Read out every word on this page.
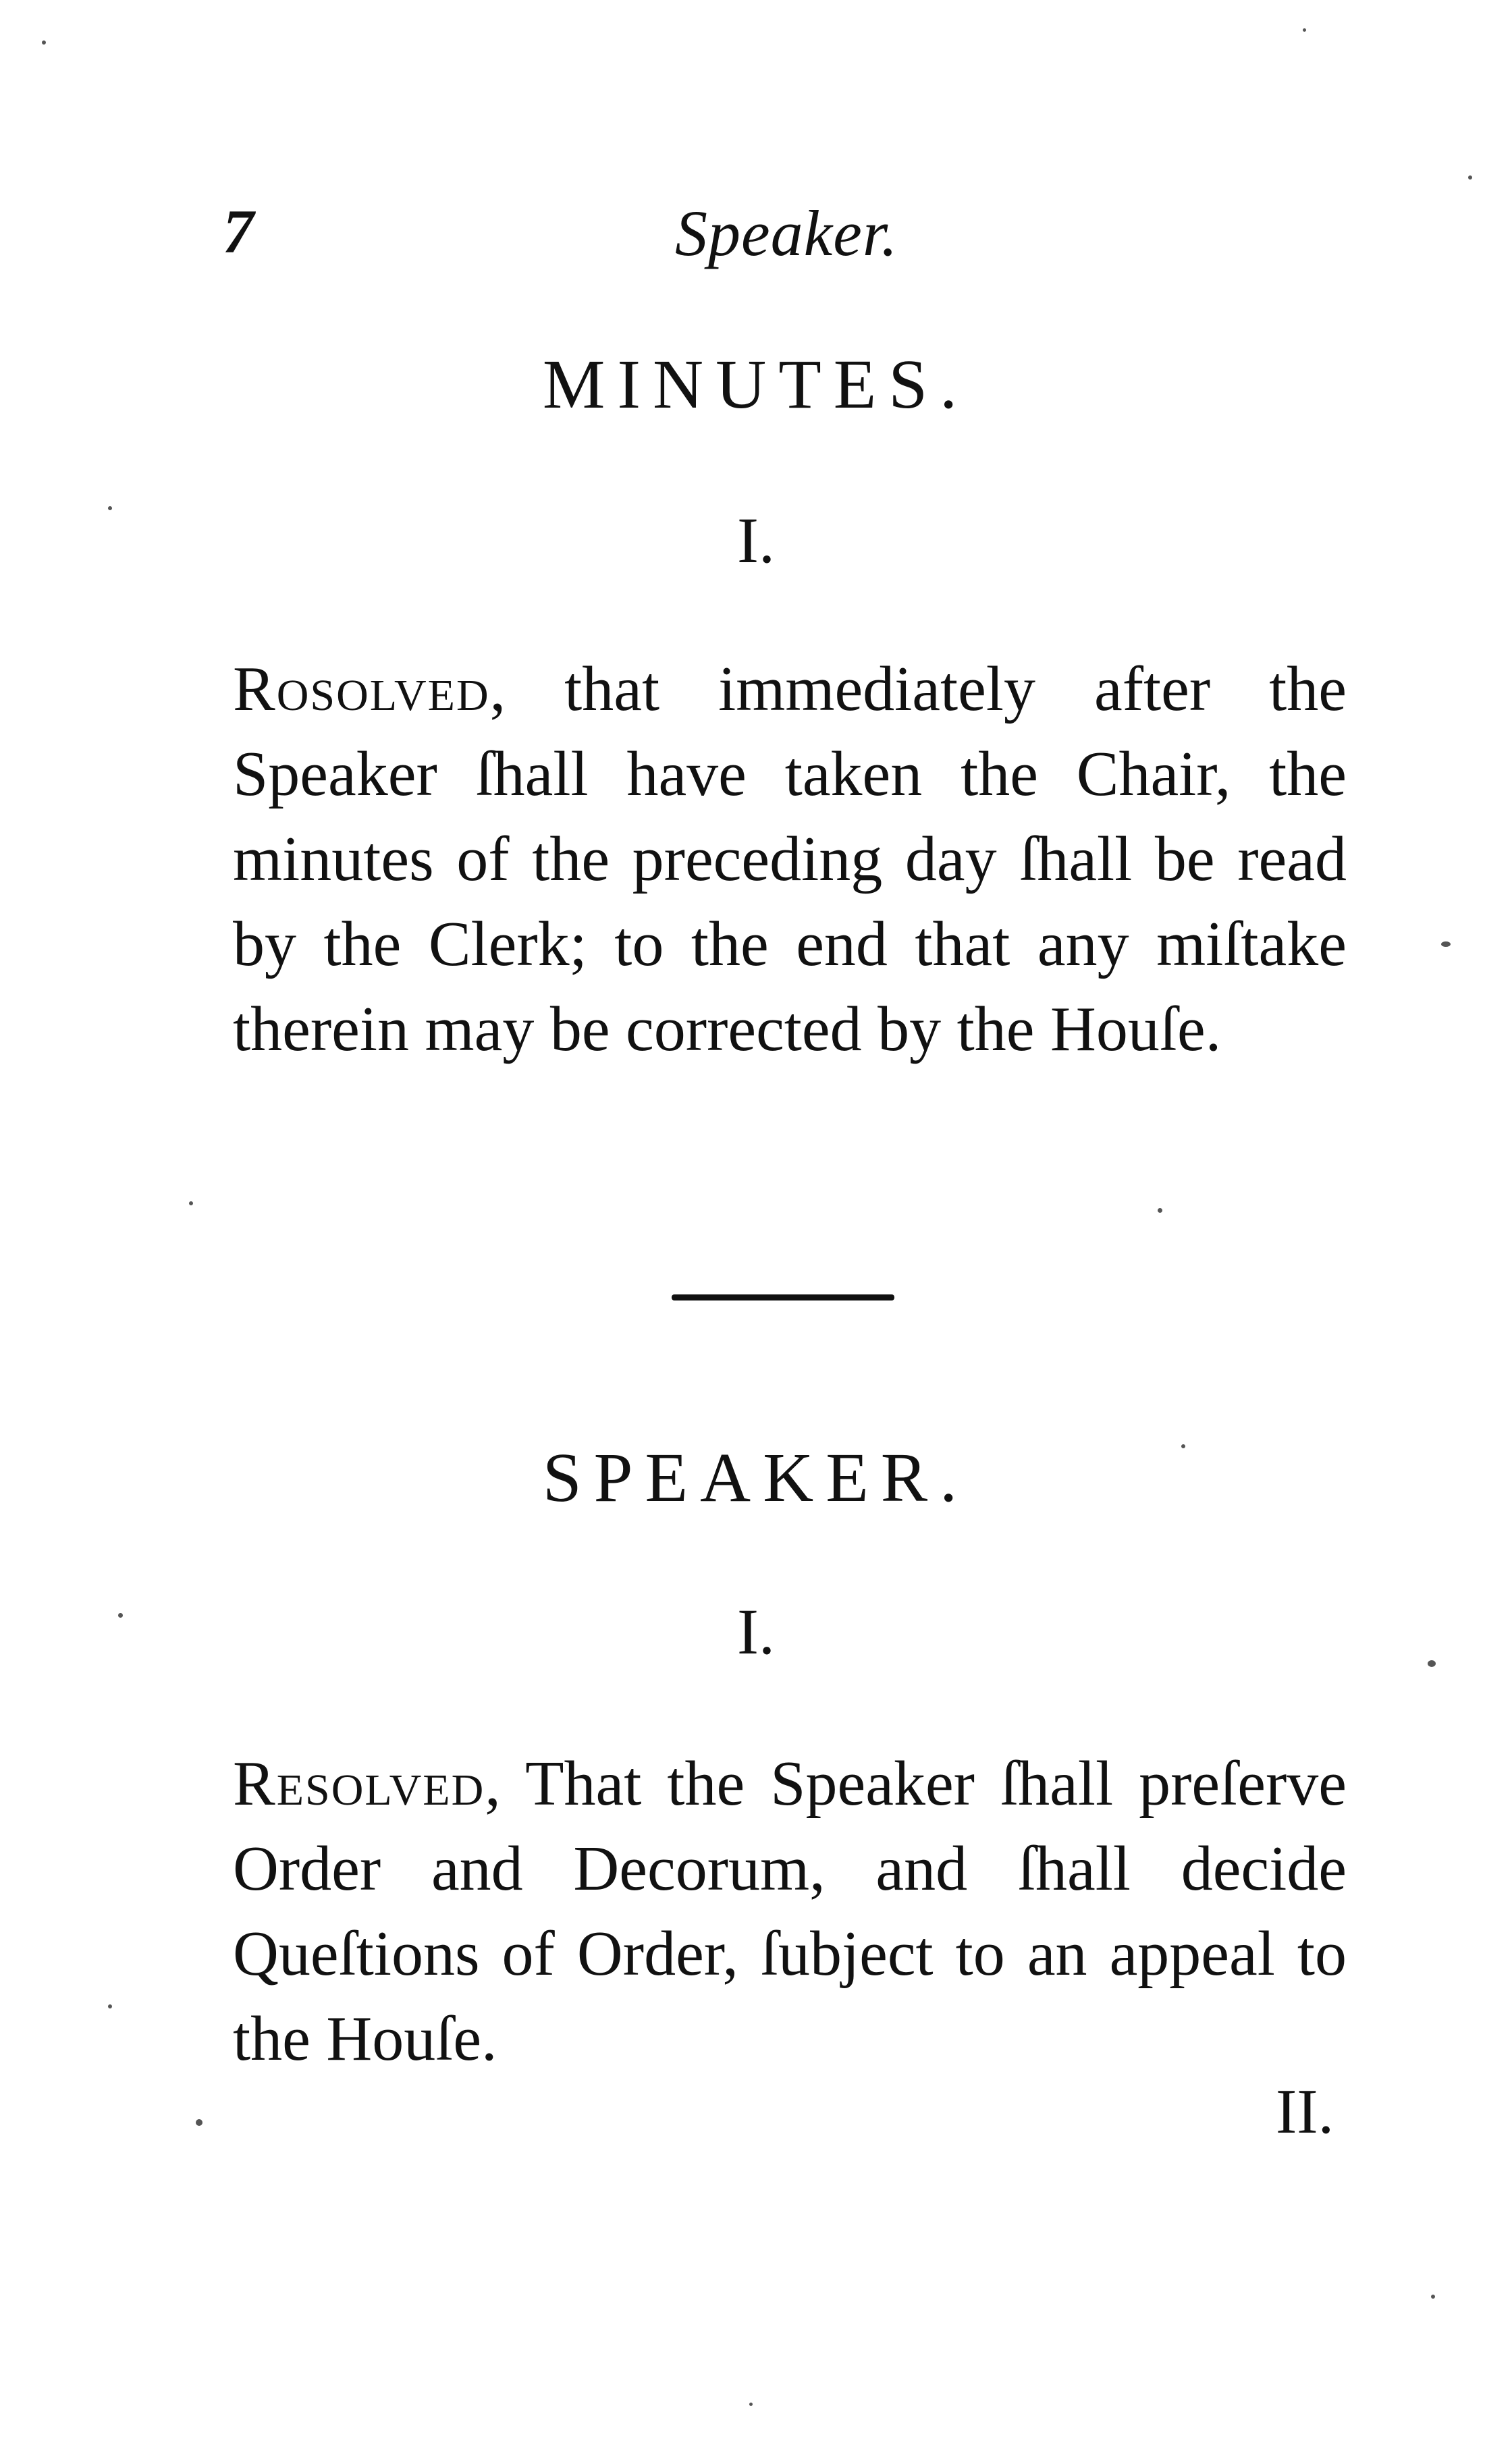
7	Speaker.
MINUTES.
I.
Rosolved, that immediately after the Speaker ſhall have taken the Chair, the minutes of the preceding day ſhall be read by the Clerk; to the end that any miſtake therein may be corrected by the Houſe.
SPEAKER.
I.
Resolved, That the Speaker ſhall preſerve Order and Decorum, and ſhall decide Queſtions of Order, ſubject to an appeal to the Houſe.
II.
